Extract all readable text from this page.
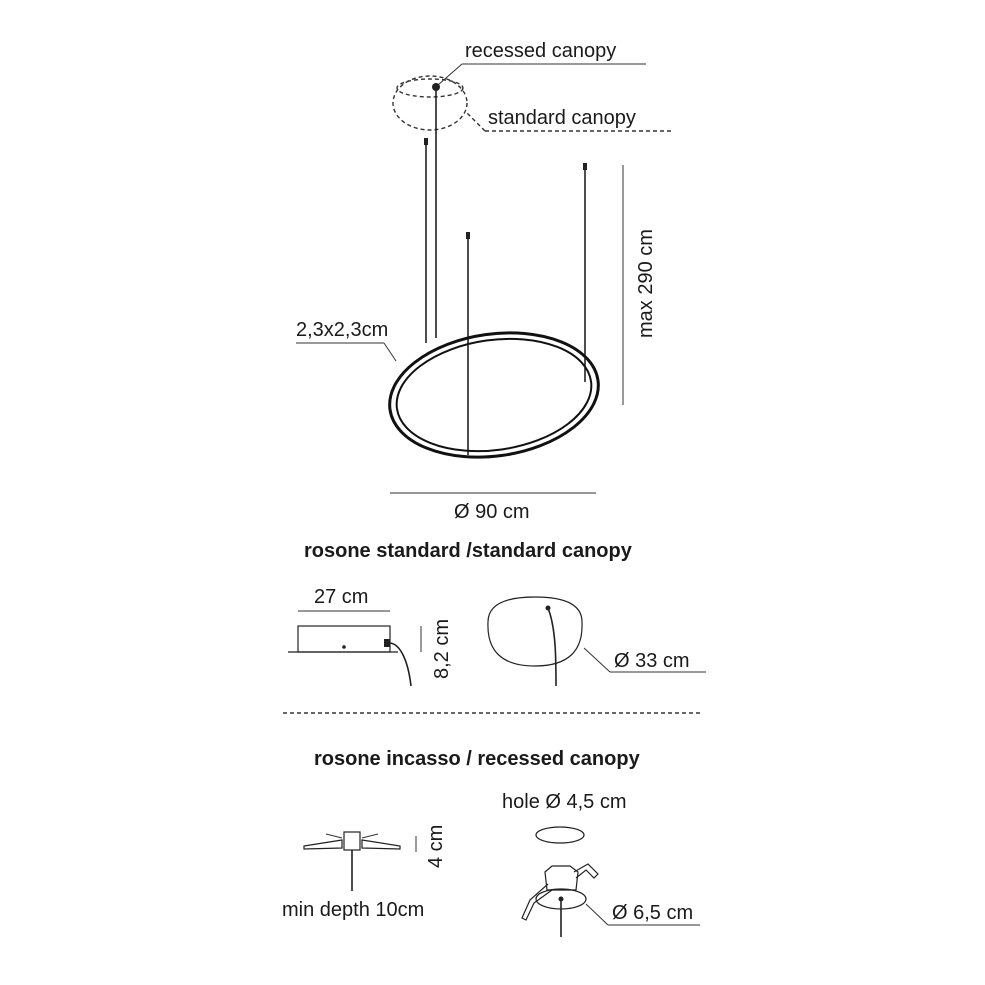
2,3x2,3cm	max 290 cm
Ø 90 cm
recessed canopy
standard canopy
rosone standard /standard canopy
27 cm
8,2 cm	Ø 33 cm
rosone incasso / recessed canopy
4 cm
min depth 10cm
hole Ø 4,5 cm
Ø 6,5 cm
